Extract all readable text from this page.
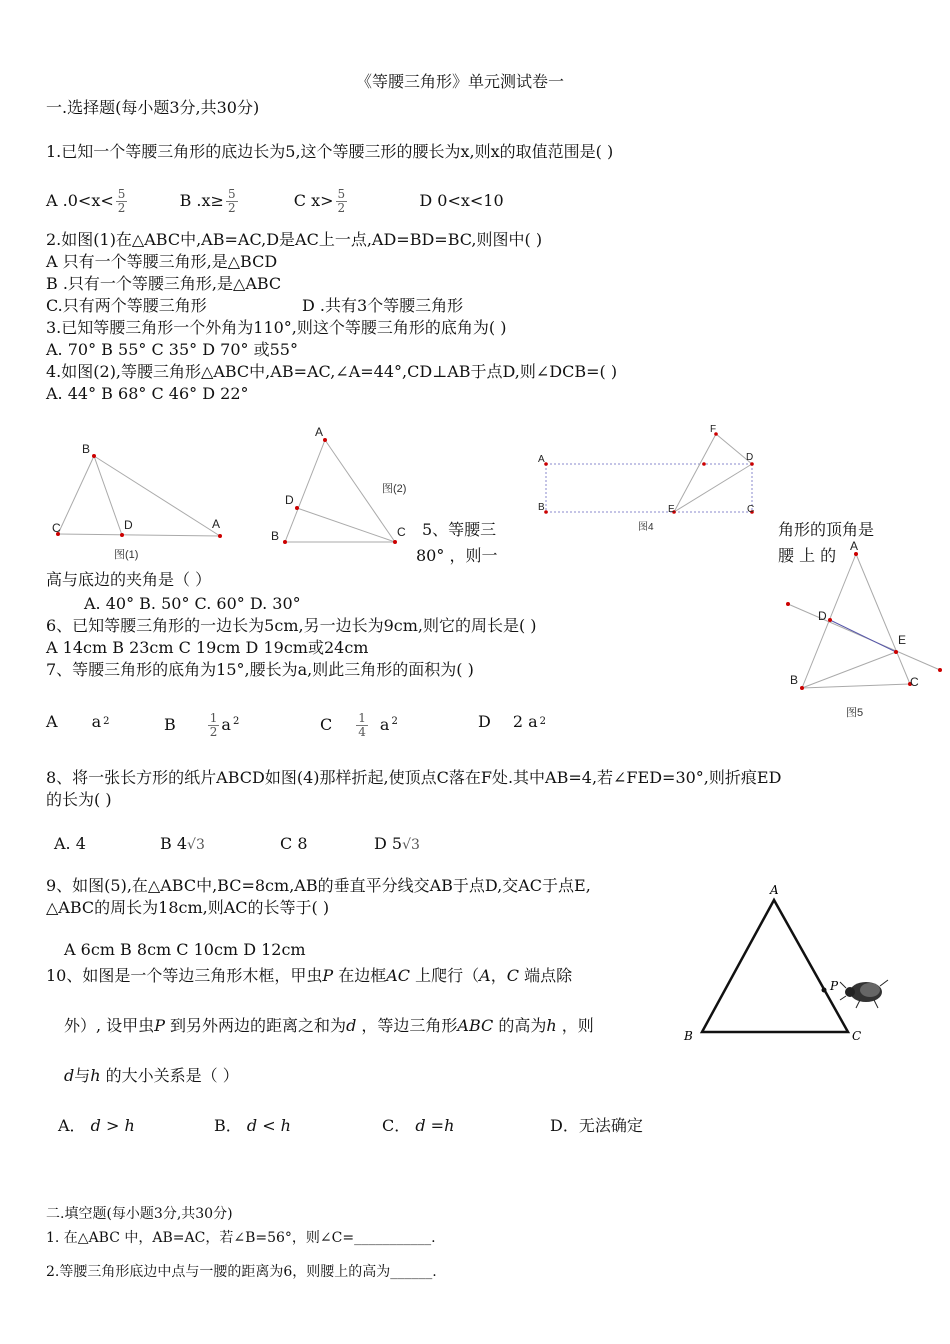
《等腰三角形》单元测试卷一
一.选择题(每小题3分,共30分)
1.已知一个等腰三角形的底边长为5,这个等腰三形的腰长为x,则x的取值范围是( )
A $.0<x< \frac{5}{2}$	B $.x\ge \frac{5}{2}$	C $x> \frac{5}{2}$	D 0<x<10
2.如图(1)在△ABC中,AB=AC,D是AC上一点,AD=BD=BC,则图中( )
A 只有一个等腰三角形,是△BCD
B .只有一个等腰三角形,是△ABC
C.只有两个等腰三角形	D .共有3个等腰三角形
3.已知等腰三角形一个外角为110°,则这个等腰三角形的底角为( )
A. 70° B 55° C 35° D 70° 或55°
4.如图(2),等腰三角形△ABC中,AB=AC,∠A=44°,CD⊥AB于点D,则∠DCB=( )
A. 44° B 68° C 46° D 22°
B
C	D	A
图(1)
A
D
B	C
图(2)
A
B
D
C
F
E
图4
5、等腰三
80° ，则一
角形的顶角是
腰 上 的
高与底边的夹角是（ ）
A. 40° B. 50° C. 60° D. 30°
A
D
E
B	C
图5
6、已知等腰三角形的一边长为5cm,另一边长为9cm,则它的周长是( )
A 14cm B 23cm C 19cm D 19cm或24cm
7、等腰三角形的底角为15°,腰长为a,则此三角形的面积为( )
A a $^2$	B	$\frac{1}{2}$ a $^2$	C $\frac{1}{4}$ a $^2$	D 2 a $^2$
8、将一张长方形的纸片ABCD如图(4)那样折起,使顶点C落在F处.其中AB=4,若∠FED=30°,则折痕ED
的长为( )
A. 4	B 4√3	C 8	D 5√3
9、如图(5),在△ABC中,BC=8cm,AB的垂直平分线交AB于点D,交AC于点E,
△ABC的周长为18cm,则AC的长等于( )
A 6cm B 8cm C 10cm D 12cm
A
B	C
P
10、如图是一个等边三角形木框，甲虫P 在边框AC 上爬行（A，C 端点除
外）, 设甲虫P 到另外两边的距离之和为d ，等边三角形ABC 的高为h ，则
d与h 的大小关系是（ ）
A． d > h	B． d < h	C． d =h	D．无法确定
二.填空题(每小题3分,共30分)
1. 在△ABC 中，AB=AC，若∠B=56°，则∠C=___________.
2.等腰三角形底边中点与一腰的距离为6，则腰上的高为______.
